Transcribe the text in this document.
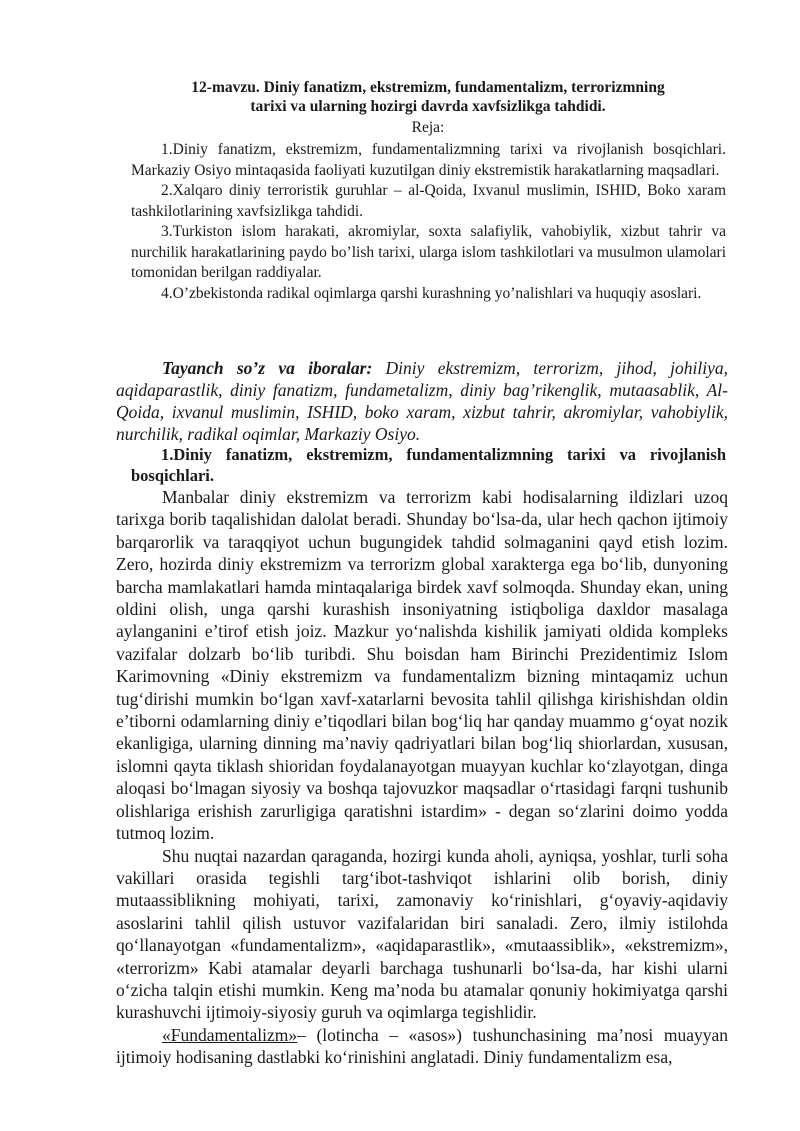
12-mavzu. Diniy fanatizm, ekstremizm, fundamentalizm, terrorizmning
tarixi va ularning hozirgi davrda xavfsizlikga tahdidi.
Reja:

1.Diniy fanatizm, ekstremizm, fundamentalizmning tarixi va rivojlanish bosqichlari. Markaziy Osiyo mintaqasida faoliyati kuzutilgan diniy ekstremistik harakatlarning maqsadlari.

2.Xalqaro diniy terroristik guruhlar – al-Qoida, Ixvanul muslimin, ISHID, Boko xaram tashkilotlarining xavfsizlikga tahdidi.

3.Turkiston islom harakati, akromiylar, soxta salafiylik, vahobiylik, xizbut tahrir va nurchilik harakatlarining paydo bo’lish tarixi, ularga islom tashkilotlari va musulmon ulamolari tomonidan berilgan raddiyalar.

4.O’zbekistonda radikal oqimlarga qarshi kurashning yo’nalishlari va huquqiy asoslari.

Tayanch so’z va iboralar: Diniy ekstremizm, terrorizm, jihod, johiliya, aqidaparastlik, diniy fanatizm, fundametalizm, diniy bag’rikenglik, mutaasablik, Al-Qoida, ixvanul muslimin, ISHID, boko xaram, xizbut tahrir, akromiylar, vahobiylik, nurchilik, radikal oqimlar, Markaziy Osiyo.
1.Diniy fanatizm, ekstremizm, fundamentalizmning tarixi va rivojlanish bosqichlari.

Manbalar diniy ekstremizm va terrorizm kabi hodisalarning ildizlari uzoq tarixga borib taqalishidan dalolat beradi. Shunday bo‘lsa-da, ular hech qachon ijtimoiy barqarorlik va taraqqiyot uchun bugungidek tahdid solmaganini qayd etish lozim. Zero, hozirda diniy ekstremizm va terrorizm global xarakterga ega bo‘lib, dunyoning barcha mamlakatlari hamda mintaqalariga birdek xavf solmoqda. Shunday ekan, uning oldini olish, unga qarshi kurashish insoniyatning istiqboliga daxldor masalaga aylanganini e’tirof etish joiz. Mazkur yo‘nalishda kishilik jamiyati oldida kompleks vazifalar dolzarb bo‘lib turibdi. Shu boisdan ham Birinchi Prezidentimiz Islom Karimovning «Diniy ekstremizm va fundamentalizm bizning mintaqamiz uchun tug‘dirishi mumkin bo‘lgan xavf-xatarlarni bevosita tahlil qilishga kirishishdan oldin e’tiborni odamlarning diniy e’tiqodlari bilan bog‘liq har qanday muammo g‘oyat nozik ekanligiga, ularning dinning ma’naviy qadriyatlari bilan bog‘liq shiorlardan, xususan, islomni qayta tiklash shioridan foydalanayotgan muayyan kuchlar ko‘zlayotgan, dinga aloqasi bo‘lmagan siyosiy va boshqa tajovuzkor maqsadlar o‘rtasidagi farqni tushunib olishlariga erishish zarurligiga qaratishni istardim» - degan so‘zlarini doimo yodda tutmoq lozim.

Shu nuqtai nazardan qaraganda, hozirgi kunda aholi, ayniqsa, yoshlar, turli soha vakillari orasida tegishli targ‘ibot-tashviqot ishlarini olib borish, diniy mutaassiblikning mohiyati, tarixi, zamonaviy ko‘rinishlari, g‘oyaviy-aqidaviy asoslarini tahlil qilish ustuvor vazifalaridan biri sanaladi. Zero, ilmiy istilohda qo‘llanayotgan «fundamentalizm», «aqidaparastlik», «mutaassiblik», «ekstremizm», «terrorizm» Kabi atamalar deyarli barchaga tushunarli bo‘lsa-da, har kishi ularni o‘zicha talqin etishi mumkin. Keng ma’noda bu atamalar qonuniy hokimiyatga qarshi kurashuvchi ijtimoiy-siyosiy guruh va oqimlarga tegishlidir.

«Fundamentalizm»– (lotincha – «asos») tushunchasining ma’nosi muayyan ijtimoiy hodisaning dastlabki ko‘rinishini anglatadi. Diniy fundamentalizm esa,
